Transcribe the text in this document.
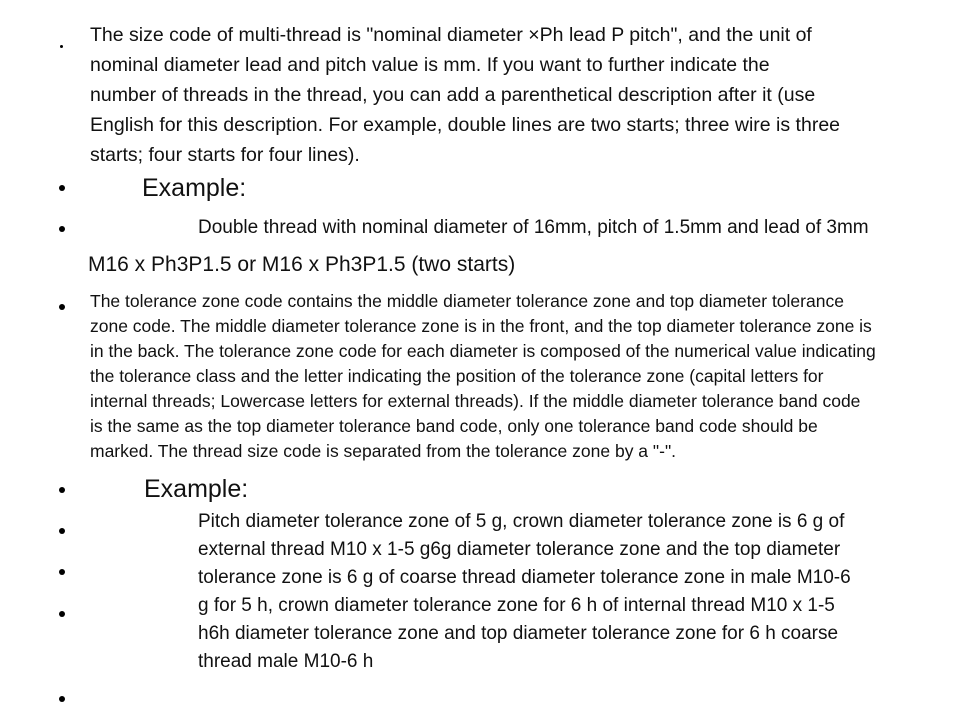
The size code of multi-thread is "nominal diameter ×Ph lead P pitch", and the unit of
nominal diameter lead and pitch value is mm. If you want to further indicate the
number of threads in the thread, you can add a parenthetical description after it (use
English for this description. For example, double lines are two starts; three wire is three
starts; four starts for four lines).

Example:

Double thread with nominal diameter of 16mm, pitch of 1.5mm and lead of 3mm

M16 x Ph3P1.5 or M16 x Ph3P1.5 (two starts)

The tolerance zone code contains the middle diameter tolerance zone and top diameter tolerance
zone code. The middle diameter tolerance zone is in the front, and the top diameter tolerance zone is
in the back. The tolerance zone code for each diameter is composed of the numerical value indicating
the tolerance class and the letter indicating the position of the tolerance zone (capital letters for
internal threads; Lowercase letters for external threads). If the middle diameter tolerance band code
is the same as the top diameter tolerance band code, only one tolerance band code should be
marked. The thread size code is separated from the tolerance zone by a "-".

Example:

Pitch diameter tolerance zone of 5 g, crown diameter tolerance zone is 6 g of
external thread M10 x 1-5 g6g diameter tolerance zone and the top diameter
tolerance zone is 6 g of coarse thread diameter tolerance zone in male M10-6
g for 5 h, crown diameter tolerance zone for 6 h of internal thread M10 x 1-5
h6h diameter tolerance zone and top diameter tolerance zone for 6 h coarse
thread male M10-6 h
